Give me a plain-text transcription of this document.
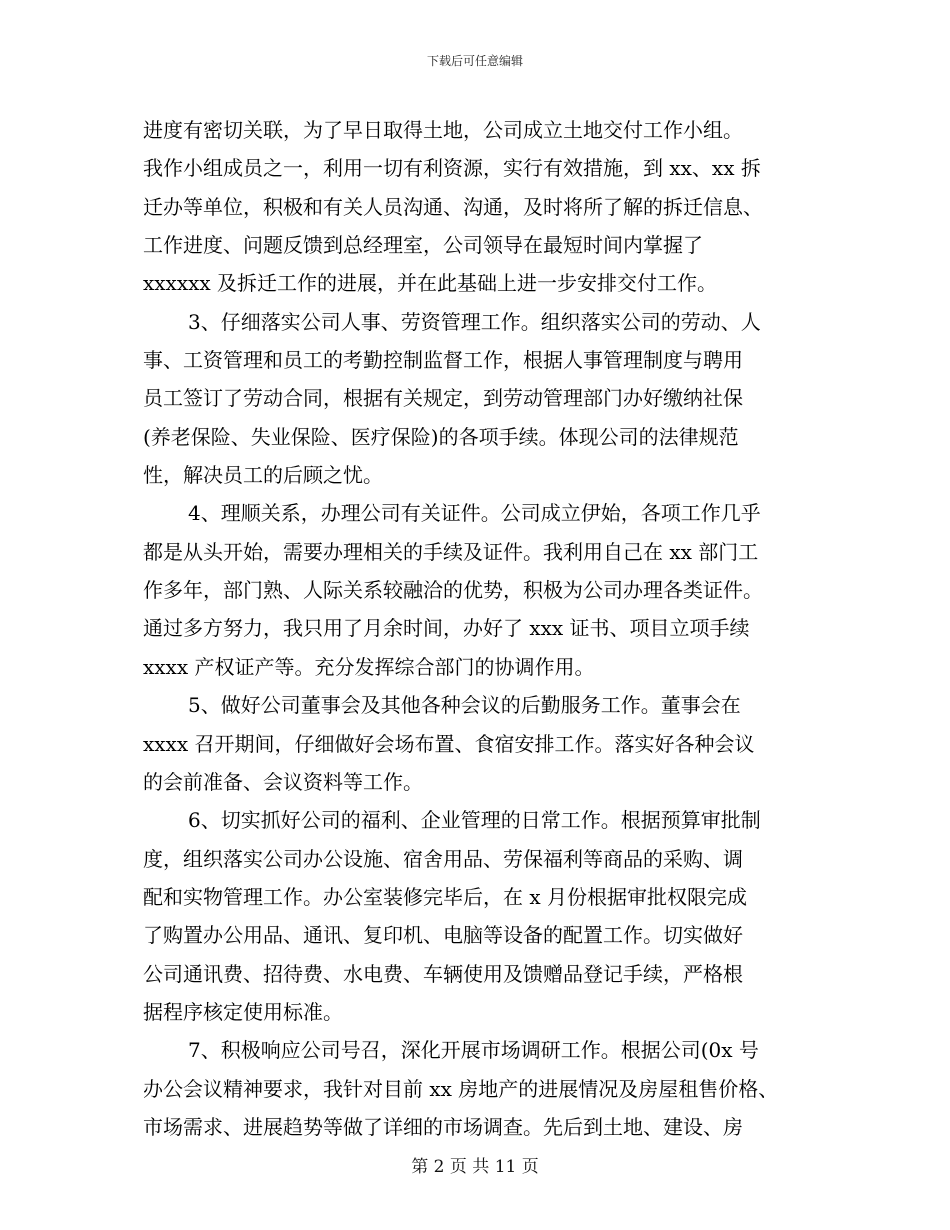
下载后可任意编辑
进度有密切关联，为了早日取得土地，公司成立土地交付工作小组。
我作小组成员之一，利用一切有利资源，实行有效措施，到 xx、xx 拆
迁办等单位，积极和有关人员沟通、沟通，及时将所了解的拆迁信息、
工作进度、问题反馈到总经理室，公司领导在最短时间内掌握了
xxxxxx 及拆迁工作的进展，并在此基础上进一步安排交付工作。
3、仔细落实公司人事、劳资管理工作。组织落实公司的劳动、人
事、工资管理和员工的考勤控制监督工作，根据人事管理制度与聘用
员工签订了劳动合同，根据有关规定，到劳动管理部门办好缴纳社保
(养老保险、失业保险、医疗保险)的各项手续。体现公司的法律规范
性，解决员工的后顾之忧。
4、理顺关系，办理公司有关证件。公司成立伊始，各项工作几乎
都是从头开始，需要办理相关的手续及证件。我利用自己在 xx 部门工
作多年，部门熟、人际关系较融洽的优势，积极为公司办理各类证件。
通过多方努力，我只用了月余时间，办好了 xxx 证书、项目立项手续
xxxx 产权证产等。充分发挥综合部门的协调作用。
5、做好公司董事会及其他各种会议的后勤服务工作。董事会在
xxxx 召开期间，仔细做好会场布置、食宿安排工作。落实好各种会议
的会前准备、会议资料等工作。
6、切实抓好公司的福利、企业管理的日常工作。根据预算审批制
度，组织落实公司办公设施、宿舍用品、劳保福利等商品的采购、调
配和实物管理工作。办公室装修完毕后，在 x 月份根据审批权限完成
了购置办公用品、通讯、复印机、电脑等设备的配置工作。切实做好
公司通讯费、招待费、水电费、车辆使用及馈赠品登记手续，严格根
据程序核定使用标准。
7、积极响应公司号召，深化开展市场调研工作。根据公司(0x 号
办公会议精神要求，我针对目前 xx 房地产的进展情况及房屋租售价格、
市场需求、进展趋势等做了详细的市场调查。先后到土地、建设、房
第 2 页 共 11 页
